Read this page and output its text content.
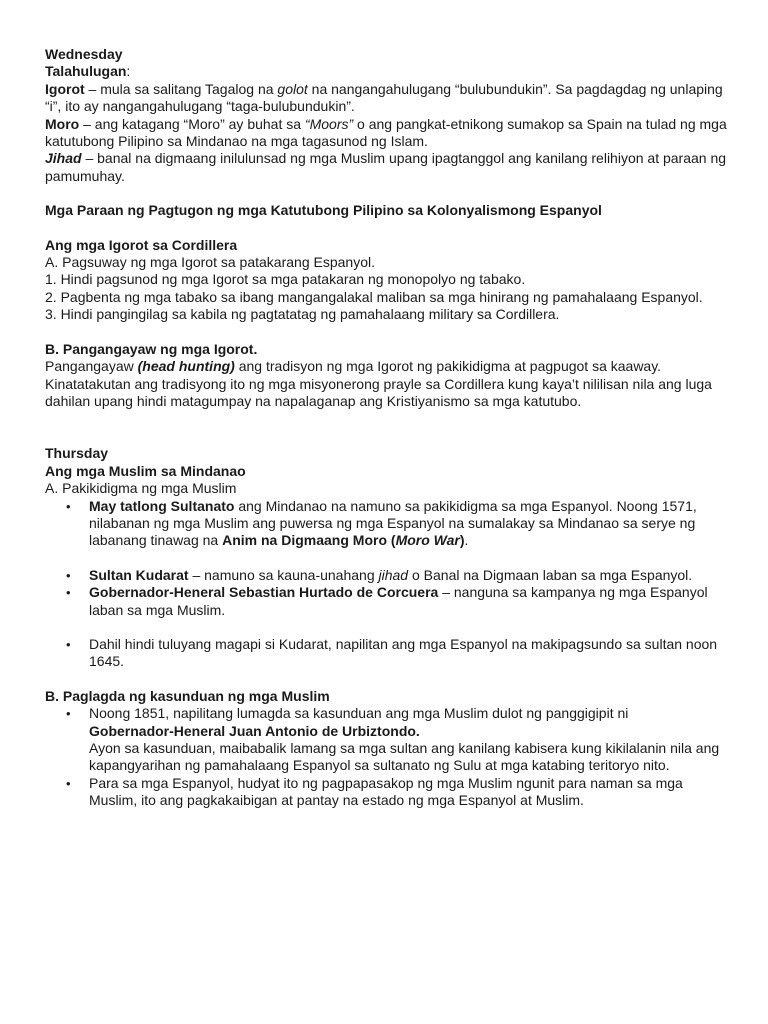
Wednesday

Talahulugan:

Igorot – mula sa salitang Tagalog na golot na nangangahulugang “bulubundukin”. Sa pagdagdag ng unlaping “i”, ito ay nangangahulugang “taga-bulubundukin”.

Moro – ang katagang “Moro” ay buhat sa “Moors” o ang pangkat-etnikong sumakop sa Spain na tulad ng mga katutubong Pilipino sa Mindanao na mga tagasunod ng Islam.

Jihad – banal na digmaang inilulunsad ng mga Muslim upang ipagtanggol ang kanilang relihiyon at paraan ng pamumuhay.

Mga Paraan ng Pagtugon ng mga Katutubong Pilipino sa Kolonyalismong Espanyol

Ang mga Igorot sa Cordillera

A. Pagsuway ng mga Igorot sa patakarang Espanyol.

1. Hindi pagsunod ng mga Igorot sa mga patakaran ng monopolyo ng tabako.

2. Pagbenta ng mga tabako sa ibang mangangalakal maliban sa mga hinirang ng pamahalaang Espanyol.

3. Hindi pangingilag sa kabila ng pagtatatag ng pamahalaang military sa Cordillera.

B. Pangangayaw ng mga Igorot.

Pangangayaw (head hunting) ang tradisyon ng mga Igorot ng pakikidigma at pagpugot sa kaaway. Kinatatakutan ang tradisyong ito ng mga misyonerong prayle sa Cordillera kung kaya’t nililisan nila ang luga dahilan upang hindi matagumpay na napalaganap ang Kristiyanismo sa mga katutubo.

Thursday

Ang mga Muslim sa Mindanao

A. Pakikidigma ng mga Muslim

• May tatlong Sultanato ang Mindanao na namuno sa pakikidigma sa mga Espanyol. Noong 1571, nilabanan ng mga Muslim ang puwersa ng mga Espanyol na sumalakay sa Mindanao sa serye ng labanang tinawag na Anim na Digmaang Moro (Moro War).
• Sultan Kudarat – namuno sa kauna-unahang jihad o Banal na Digmaan laban sa mga Espanyol.
• Gobernador-Heneral Sebastian Hurtado de Corcuera – nanguna sa kampanya ng mga Espanyol laban sa mga Muslim.
• Dahil hindi tuluyang magapi si Kudarat, napilitan ang mga Espanyol na makipagsundo sa sultan noon 1645.

B. Paglagda ng kasunduan ng mga Muslim

• Noong 1851, napilitang lumagda sa kasunduan ang mga Muslim dulot ng panggigipit ni
Gobernador-Heneral Juan Antonio de Urbiztondo.
Ayon sa kasunduan, maibabalik lamang sa mga sultan ang kanilang kabisera kung kikilalanin nila ang kapangyarihan ng pamahalaang Espanyol sa sultanato ng Sulu at mga katabing teritoryo nito.
• Para sa mga Espanyol, hudyat ito ng pagpapasakop ng mga Muslim ngunit para naman sa mga Muslim, ito ang pagkakaibigan at pantay na estado ng mga Espanyol at Muslim.
